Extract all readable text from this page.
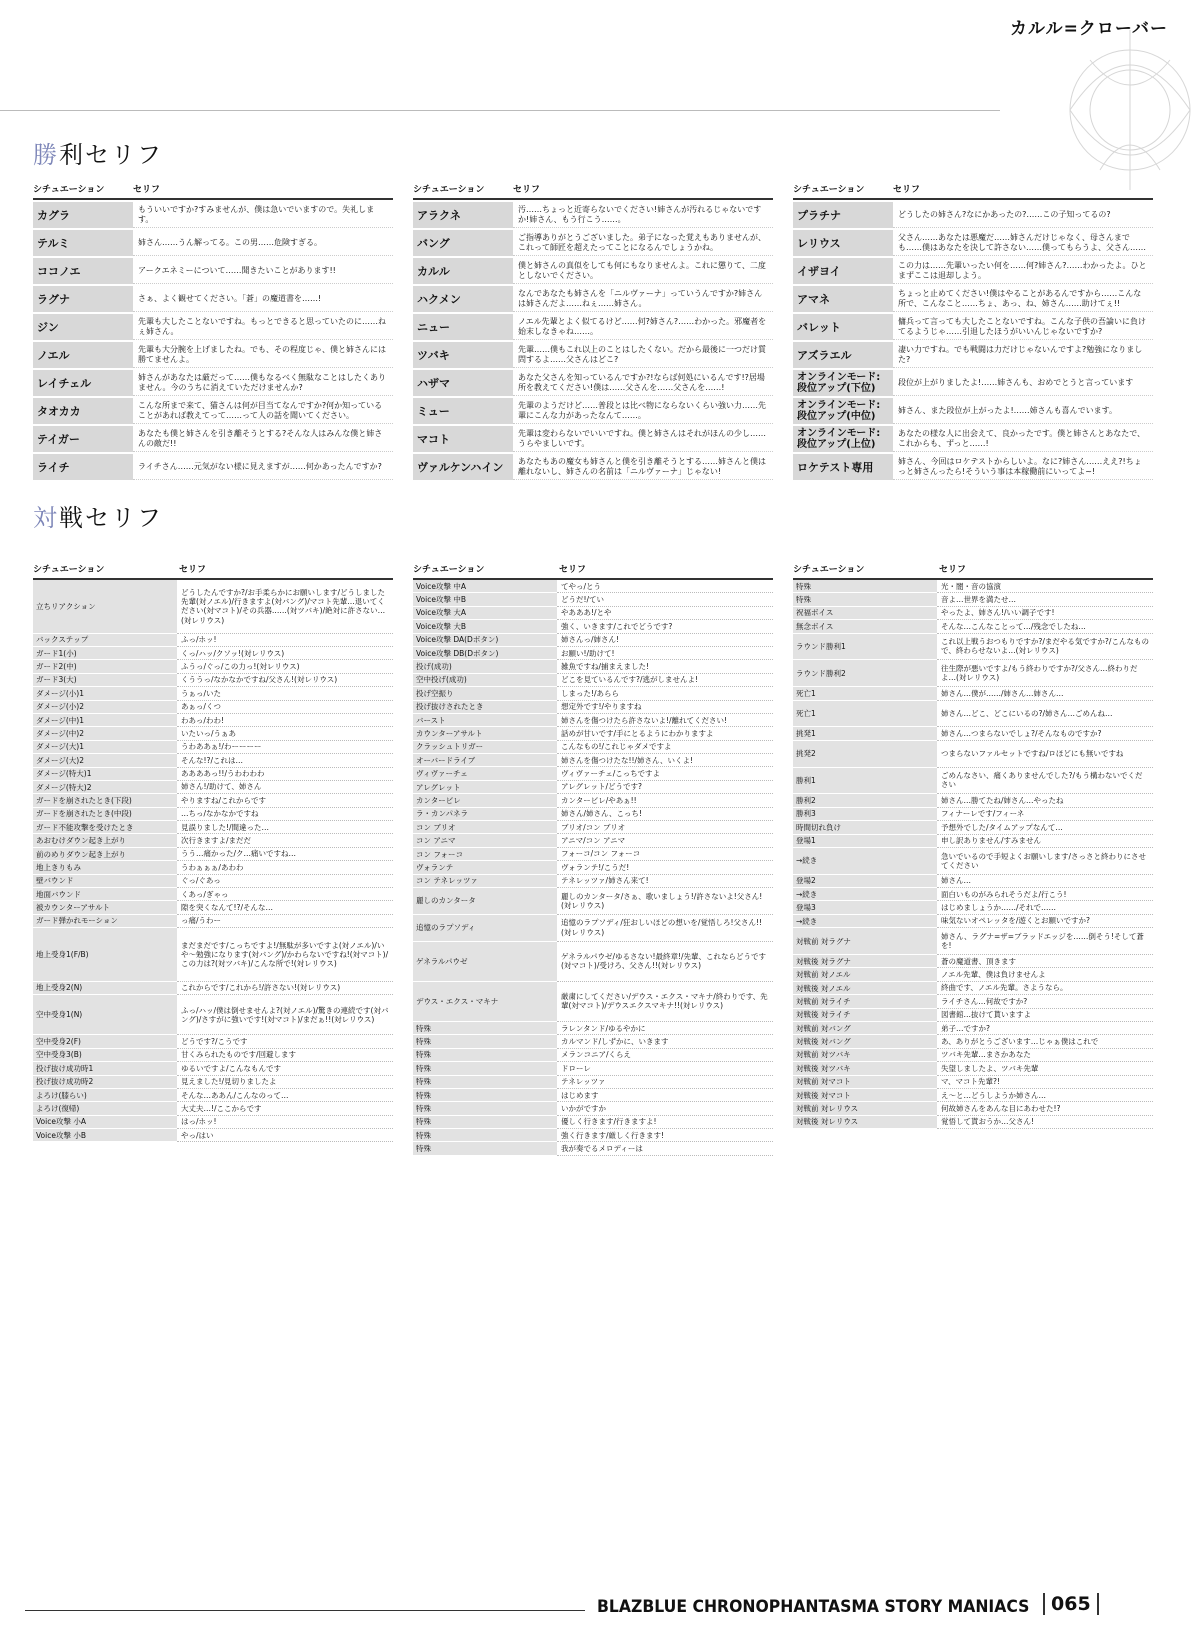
カルル=クローバー
勝利セリフ
シチュエーション	セリフ
カグラ	もういいですか?すみませんが、僕は急いでいますので。失礼します。
テルミ	姉さん……うん解ってる。この男……危険すぎる。
ココノエ	アークエネミーについて……聞きたいことがあります!!
ラグナ	さぁ、よく観せてください。「蒼」の魔道書を……!
ジン	先輩も大したことないですね。もっとできると思っていたのに……ねぇ姉さん。
ノエル	先輩も大分腕を上げましたね。でも、その程度じゃ、僕と姉さんには勝てませんよ。
レイチェル	姉さんがあなたは厳だって……僕もなるべく無駄なことはしたくありません。今のうちに消えていただけませんか?
タオカカ	こんな所まで来て、猫さんは何が目当てなんですか?何か知っていることがあれば教えてって……って人の話を聞いてください。
テイガー	あなたも僕と姉さんを引き離そうとする?そんな人はみんな僕と姉さんの敵だ!!
ライチ	ライチさん……元気がない様に見えますが……何かあったんですか?
シチュエーション	セリフ
アラクネ	汚……ちょっと近寄らないでください!姉さんが汚れるじゃないですか!姉さん、もう行こう……。
バング	ご指導ありがとうございました。弟子になった覚えもありませんが、これって師匠を超えたってことになるんでしょうかね。
カルル	僕と姉さんの真似をしても何にもなりませんよ。これに懲りて、二度としないでください。
ハクメン	なんであなたも姉さんを「ニルヴァーナ」っていうんですか?姉さんは姉さんだよ……ねぇ……姉さん。
ニュー	ノエル先輩とよく似てるけど……何?姉さん?……わかった。邪魔者を始末しなきゃね……。
ツバキ	先輩……僕もこれ以上のことはしたくない。だから最後に一つだけ質問するよ……父さんはどこ?
ハザマ	あなた父さんを知っているんですか?!ならば何処にいるんです!?居場所を教えてください!僕は……父さんを……父さんを……!
ミュー	先輩のようだけど……普段とは比べ物にならないくらい強い力……先輩にこんな力があったなんて……。
マコト	先輩は変わらないでいいですね。僕と姉さんはそれがほんの少し……うらやましいです。
ヴァルケンハイン	あなたもあの魔女も姉さんと僕を引き離そうとする……姉さんと僕は離れないし、姉さんの名前は「ニルヴァーナ」じゃない!
シチュエーション	セリフ
プラチナ	どうしたの姉さん?なにかあったの?……この子知ってるの?
レリウス	父さん……あなたは悪魔だ……姉さんだけじゃなく、母さんまでも……僕はあなたを決して許さない……僕ってもらうよ、父さん……
イザヨイ	この力は……先輩いったい何を……何?姉さん?……わかったよ。ひとまずここは退却しよう。
アマネ	ちょっと止めてください!僕はやることがあるんですから……こんな所で、こんなこと……ちょ、あっ、ね、姉さん……助けてぇ!!
バレット	傭兵って言っても大したことないですね。こんな子供の吾論いに負けてるようじゃ……引退したほうがいいんじゃないですか?
アズラエル	凄い力ですね。でも戦闘は力だけじゃないんですよ?勉強になりました?
オンラインモード:
段位アップ(下位)	段位が上がりましたよ!……姉さんも、おめでとうと言っています
オンラインモード:
段位アップ(中位)	姉さん、また段位が上がったよ!……姉さんも喜んでいます。
オンラインモード:
段位アップ(上位)	あなたの様な人に出会えて、良かったです。僕と姉さんとあなたで、これからも、ずっと……!
ロケテスト専用	姉さん、今回はロケテストからしいよ。なに?姉さん……ええ?!ちょっと姉さんったら!そういう事は本稼働前にいってよ~!
対戦セリフ
シチュエーション	セリフ
立ちリアクション	どうしたんですか?/お手柔らかにお願いします/どうしました先輩(対ノエル)/行きますよ(対バング)/マコト先輩…退いてください(対マコト)/その兵器……(対ツバキ)/絶対に許さない…(対レリウス)
バックステップ	ふっ/ホッ!
ガード1(小)	くっ/ハッ/クソッ!(対レリウス)
ガード2(中)	ふうっ/ぐっ/この力っ!(対レリウス)
ガード3(大)	くううっ/なかなかですね/父さん!(対レリウス)
ダメージ(小)1	うぁっ/いた
ダメージ(小)2	あぁっ/くつ
ダメージ(中)1	わあっ/わわ!
ダメージ(中)2	いたいっ/うぁあ
ダメージ(大)1	うわああぁ!/わーーーー
ダメージ(大)2	そんな!?/これは…
ダメージ(特大)1	ああああっ!!/うわわわわ
ダメージ(特大)2	姉さん!/助けて、姉さん
ガードを崩されたとき(下段)	やりますね/これからです
ガードを崩されたとき(中段)	…ちっ/なかなかですね
ガード不能攻撃を受けたとき	見誤りました!/間違った…
あおむけダウン起き上がり	次行きますよ/まだだ
前のめりダウン起き上がり	うう…痛かった/ク…痛いですね…
地上きりもみ	うわぁぁぁ/あわわ
壁バウンド	ぐっ/ぐあっ
地面バウンド	くあっ/ぎゃっ
被カウンターアサルト	隙を突くなんて!?/そんな…
ガード弾かれモーション	っ痛/うわー
地上受身1(F/B)	まだまだです/こっちですよ!/無駄が多いですよ(対ノエル)/いや〜勉強になります(対バング)/かわらないですね!(対マコト)/この力は?(対ツバキ)/こんな所で!(対レリウス)
地上受身2(N)	これからです/これから!/許さない!(対レリウス)
空中受身1(N)	ふっ/ハッ/僕は倒せませんよ?(対ノエル)/驚きの連続です(対バング)/さすがに強いです!(対マコト)/まだぁ!!(対レリウス)
空中受身2(F)	どうです?/こうです
空中受身3(B)	甘くみられたものです/回避します
投げ抜け成功時1	ゆるいですよ/こんなもんです
投げ抜け成功時2	見えました!/見切りましたよ
よろけ(膝らい)	そんな…ああん/こんなのって…
よろけ(復帰)	大丈夫…!/ここからです
Voice攻撃 小A	はっ/ホッ!
Voice攻撃 小B	やっ/はい
シチュエーション	セリフ
Voice攻撃 中A	てやっ/とう
Voice攻撃 中B	どうだ!/てい
Voice攻撃 大A	やあああ!/とや
Voice攻撃 大B	強く、いきます/これでどうです?
Voice攻撃 DA(Dボタン)	姉さんっ/姉さん!
Voice攻撃 DB(Dボタン)	お願い!/助けて!
投げ(成功)	雑魚ですね/捕まえました!
空中投げ(成功)	どこを見ているんです?/逃がしませんよ!
投げ空振り	しまった!/あらら
投げ抜けされたとき	想定外です!/やりますね
バースト	姉さんを傷つけたら許さないよ!/離れてください!
カウンターアサルト	話めが甘いです/手にとるようにわかりますよ
クラッシュトリガー	こんなもの!/これじゃダメですよ
オーバードライブ	姉さんを傷つけたな!!/姉さん、いくよ!
ヴィヴァーチェ	ヴィヴァーチェ/こっちですよ
アレグレット	アレグレット/どうです?
カンタービレ	カンタービレ/やあぁ!!
ラ・カンパネラ	姉さん/姉さん、こっち!
コン ブリオ	ブリオ/コン ブリオ
コン アニマ	アニマ/コン アニマ
コン フォーコ	フォーコ/コン フォーコ
ヴォランテ	ヴォランテ!/こうだ!
コン テネレッツァ	テネレッツァ/姉さん来て!
麗しのカンタータ	麗しのカンタータ/さぁ、歌いましょう!/許さないよ!父さん!(対レリウス)
追憶のラプソディ	追憶のラプソディ/狂おしいほどの想いを/覚悟しろ!父さん!!(対レリウス)
ゲネラルパウゼ	ゲネラルパウゼ/ゆるさない!最終章!/先輩、これならどうです(対マコト)/受けろ、父さん!!(対レリウス)
デウス・エクス・マキナ	厳粛にしてください/デウス・エクス・マキナ/終わりです、先輩(対マコト)/デウスエクスマキナ!!(対レリウス)
特殊	ラレンタンド/ゆるやかに
特殊	カルマンド/しずかに、いきます
特殊	メランコニア/くらえ
特殊	ドローレ
特殊	テネレッツァ
特殊	はじめます
特殊	いかがですか
特殊	優しく行きます/行きますよ!
特殊	強く行きます/厳しく行きます!
特殊	我が奏でるメロディーは
シチュエーション	セリフ
特殊	光・闇・音の協演
特殊	音よ…世界を満たせ…
祝福ボイス	やったよ、姉さん!/いい調子です!
無念ボイス	そんな…こんなことって…/残念でしたね…
ラウンド勝利1	これ以上戦うおつもりですか?/まだやる気ですか?/こんなもので、終わらせないよ…(対レリウス)
ラウンド勝利2	往生際が悪いですよ/もう終わりですか?/父さん…終わりだよ…(対レリウス)
死亡1	姉さん…僕が……/姉さん…姉さん…
死亡1	姉さん…どこ、どこにいるの?/姉さん…ごめんね…
挑発1	姉さん…つまらないでしょ?/そんなものですか?
挑発2	つまらないファルセットですね/ロほどにも無いですね
勝利1	ごめんなさい、痛くありませんでした?/もう構わないでください
勝利2	姉さん…勝てたね/姉さん…やったね
勝利3	フィナーレです/フィーネ
時間切れ負け	予想外でした/タイムアップなんて…
登場1	申し訳ありません/すみません
→続き	急いでいるので手短よくお願いします/さっさと終わりにさせてください
登場2	姉さん…
→続き	面白いものがみられそうだよ/行こう!
登場3	はじめましょうか……/それで……
→続き	味気ないオペレッタを/遊くとお願いですか?
対戦前 対ラグナ	姉さん、ラグナ=ザ=ブラッドエッジを……倒そう!そして蒼を!
対戦後 対ラグナ	蒼の魔道書、頂きます
対戦前 対ノエル	ノエル先輩、僕は負けませんよ
対戦後 対ノエル	終曲です、ノエル先輩。さようなら。
対戦前 対ライチ	ライチさん…何故ですか?
対戦後 対ライチ	図書館…抜けて貰いますよ
対戦前 対バング	弟子…ですか?
対戦後 対バング	あ、ありがとうございます…じゃぁ僕はこれで
対戦前 対ツバキ	ツバキ先輩…まさかあなた
対戦後 対ツバキ	失望しましたよ、ツバキ先輩
対戦前 対マコト	マ、マコト先輩?!
対戦後 対マコト	え〜と…どうしようか姉さん…
対戦前 対レリウス	何故姉さんをあんな目にあわせた!?
対戦後 対レリウス	覚悟して貰おうか…父さん!
BLAZBLUE CHRONOPHANTASMA STORY MANIACS	065
